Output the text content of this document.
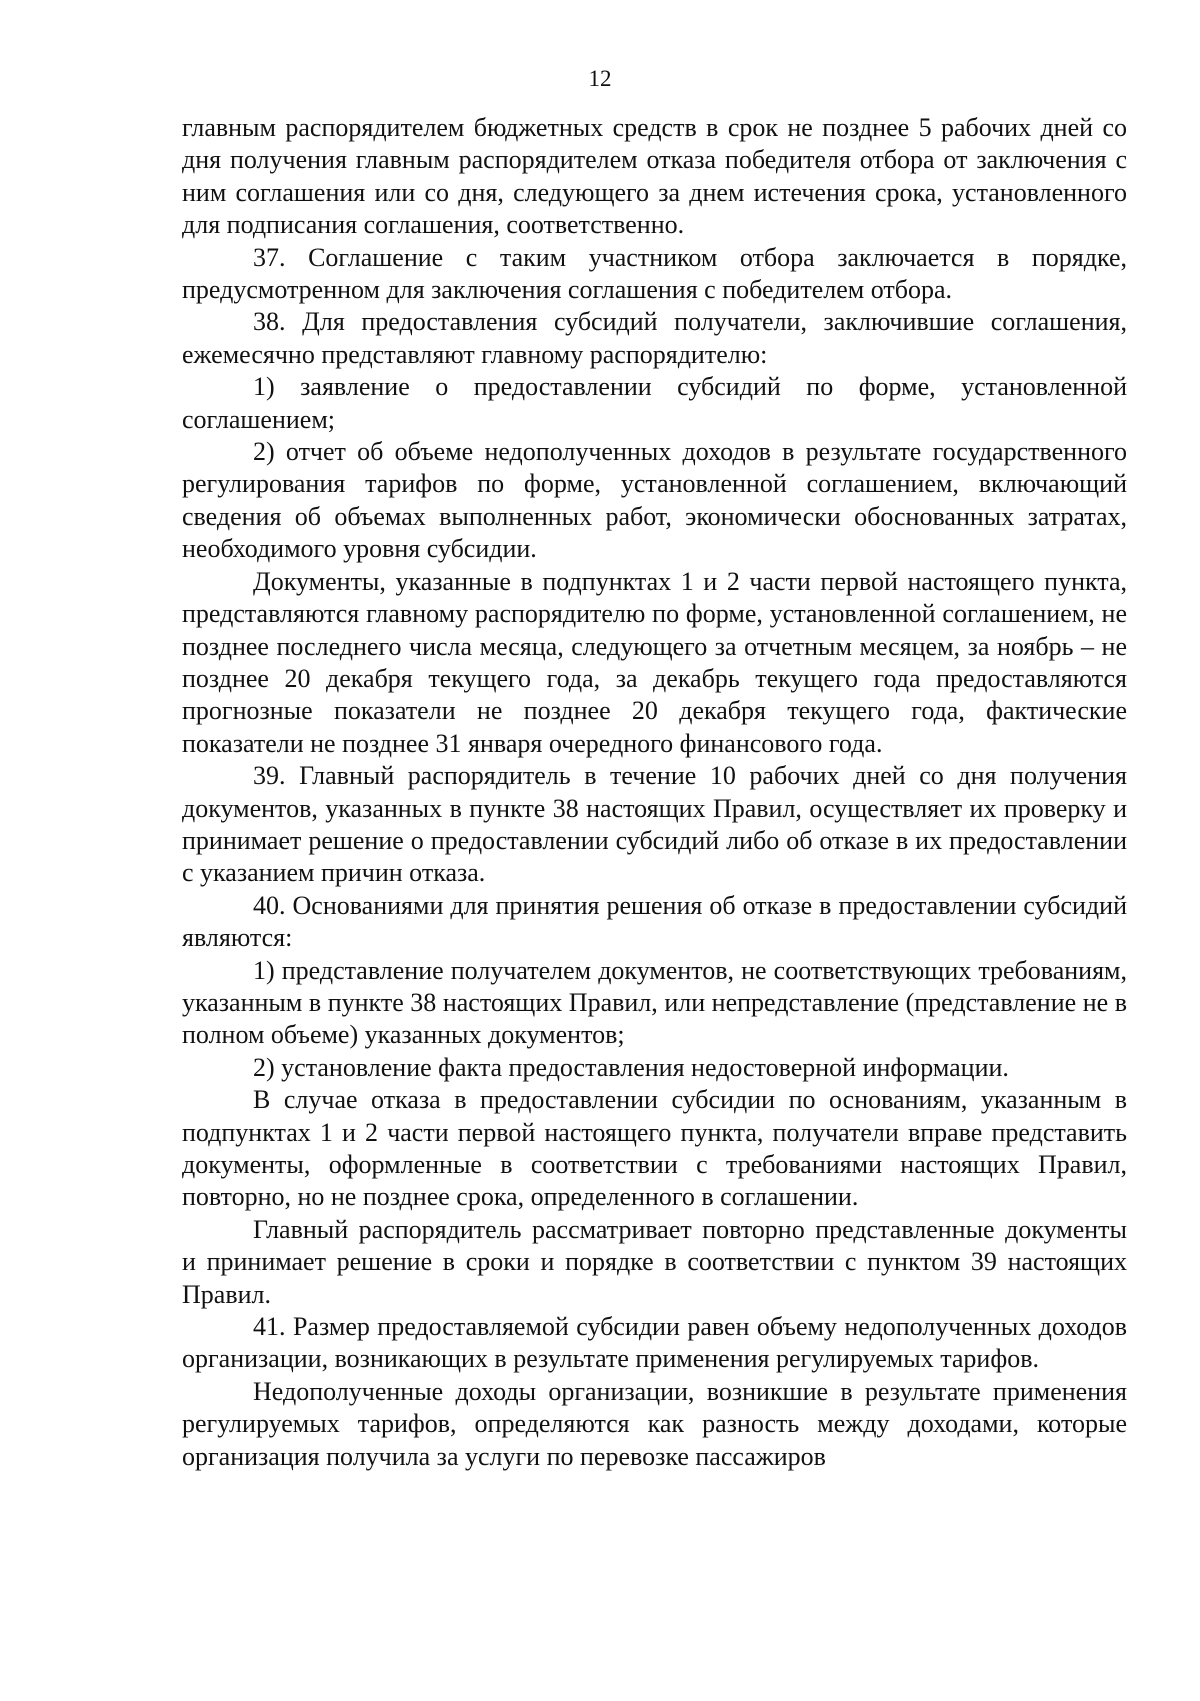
12

главным распорядителем бюджетных средств в срок не позднее 5 рабочих дней со дня получения главным распорядителем отказа победителя отбора от заключения с ним соглашения или со дня, следующего за днем истечения срока, установленного для подписания соглашения, соответственно.

37. Соглашение с таким участником отбора заключается в порядке, предусмотренном для заключения соглашения с победителем отбора.

38. Для предоставления субсидий получатели, заключившие соглашения, ежемесячно представляют главному распорядителю:

1) заявление о предоставлении субсидий по форме, установленной соглашением;

2) отчет об объеме недополученных доходов в результате государственного регулирования тарифов по форме, установленной соглашением, включающий сведения об объемах выполненных работ, экономически обоснованных затратах, необходимого уровня субсидии.

Документы, указанные в подпунктах 1 и 2 части первой настоящего пункта, представляются главному распорядителю по форме, установленной соглашением, не позднее последнего числа месяца, следующего за отчетным месяцем, за ноябрь – не позднее 20 декабря текущего года, за декабрь текущего года предоставляются прогнозные показатели не позднее 20 декабря текущего года, фактические показатели не позднее 31 января очередного финансового года.

39. Главный распорядитель в течение 10 рабочих дней со дня получения документов, указанных в пункте 38 настоящих Правил, осуществляет их проверку и принимает решение о предоставлении субсидий либо об отказе в их предоставлении с указанием причин отказа.

40. Основаниями для принятия решения об отказе в предоставлении субсидий являются:

1) представление получателем документов, не соответствующих требованиям, указанным в пункте 38 настоящих Правил, или непредставление (представление не в полном объеме) указанных документов;

2) установление факта предоставления недостоверной информации.

В случае отказа в предоставлении субсидии по основаниям, указанным в подпунктах 1 и 2 части первой настоящего пункта, получатели вправе представить документы, оформленные в соответствии с требованиями настоящих Правил, повторно, но не позднее срока, определенного в соглашении.

Главный распорядитель рассматривает повторно представленные документы и принимает решение в сроки и порядке в соответствии с пунктом 39 настоящих Правил.

41. Размер предоставляемой субсидии равен объему недополученных доходов организации, возникающих в результате применения регулируемых тарифов.

Недополученные доходы организации, возникшие в результате применения регулируемых тарифов, определяются как разность между доходами, которые организация получила за услуги по перевозке пассажиров
